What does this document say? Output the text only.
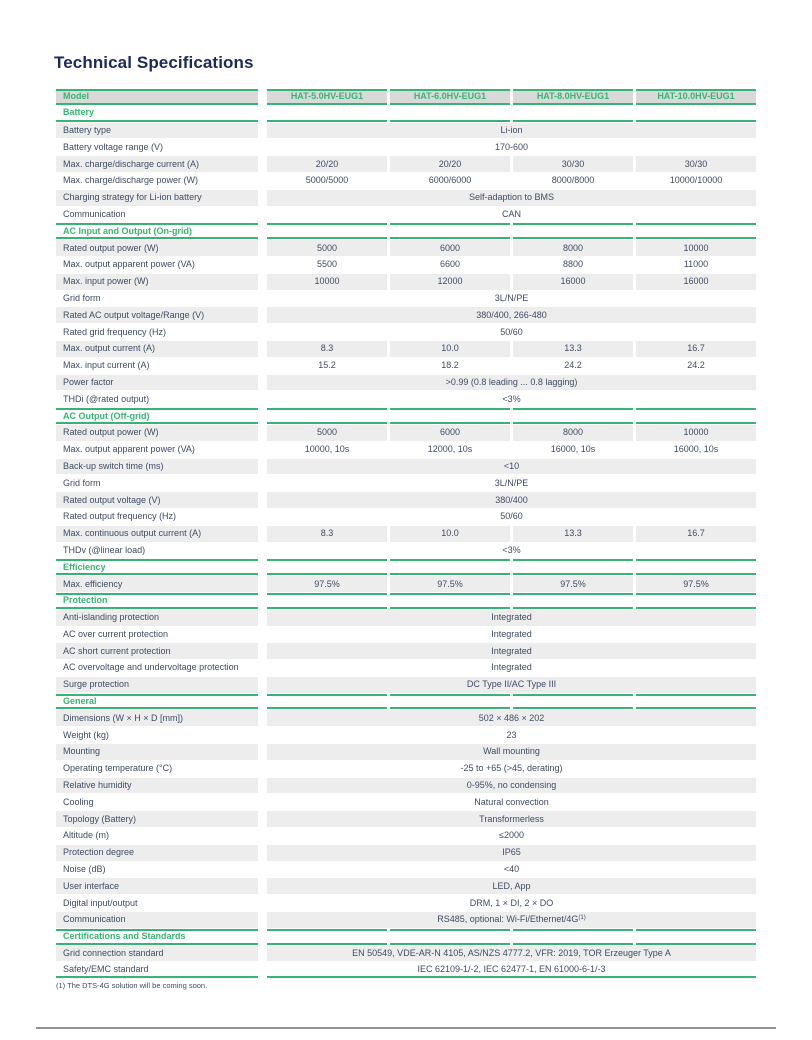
Technical Specifications
Model	HAT-5.0HV-EUG1	HAT-6.0HV-EUG1	HAT-8.0HV-EUG1	HAT-10.0HV-EUG1
Battery
Battery type	Li-ion
Battery voltage range (V)	170-600
Max. charge/discharge current (A)	20/20	20/20	30/30	30/30
Max. charge/discharge power (W)	5000/5000	6000/6000	8000/8000	10000/10000
Charging strategy for Li-ion battery	Self-adaption to BMS
Communication	CAN
AC Input and Output (On-grid)
Rated output power (W)	5000	6000	8000	10000
Max. output apparent power (VA)	5500	6600	8800	11000
Max. input power (W)	10000	12000	16000	16000
Grid form	3L/N/PE
Rated AC output voltage/Range (V)	380/400, 266-480
Rated grid frequency (Hz)	50/60
Max. output current (A)	8.3	10.0	13.3	16.7
Max. input current (A)	15.2	18.2	24.2	24.2
Power factor	>0.99 (0.8 leading ... 0.8 lagging)
THDi (@rated output)	<3%
AC Output (Off-grid)
Rated output power (W)	5000	6000	8000	10000
Max. output apparent power (VA)	10000, 10s	12000, 10s	16000, 10s	16000, 10s
Back-up switch time (ms)	<10
Grid form	3L/N/PE
Rated output voltage (V)	380/400
Rated output frequency (Hz)	50/60
Max. continuous output current (A)	8.3	10.0	13.3	16.7
THDv (@linear load)	<3%
Efficiency
Max. efficiency	97.5%	97.5%	97.5%	97.5%
Protection
Anti-islanding protection	Integrated
AC over current protection	Integrated
AC short current protection	Integrated
AC overvoltage and undervoltage protection	Integrated
Surge protection	DC Type II/AC Type III
General
Dimensions (W × H × D [mm])	502 × 486 × 202
Weight (kg)	23
Mounting	Wall mounting
Operating temperature (°C)	-25 to +65 (>45, derating)
Relative humidity	0-95%, no condensing
Cooling	Natural convection
Topology (Battery)	Transformerless
Altitude (m)	≤2000
Protection degree	IP65
Noise (dB)	<40
User interface	LED, App
Digital input/output	DRM, 1 × DI, 2 × DO
Communication	RS485, optional: $Wi-Fi/Ethernet/4G^{(1)}$
Certifications and Standards
Grid connection standard	EN 50549, VDE-AR-N 4105, AS/NZS 4777.2, VFR: 2019, TOR Erzeuger Type A
Safety/EMC standard	IEC 62109-1/-2, IEC 62477-1, EN 61000-6-1/-3
(1) The DTS-4G solution will be coming soon.
